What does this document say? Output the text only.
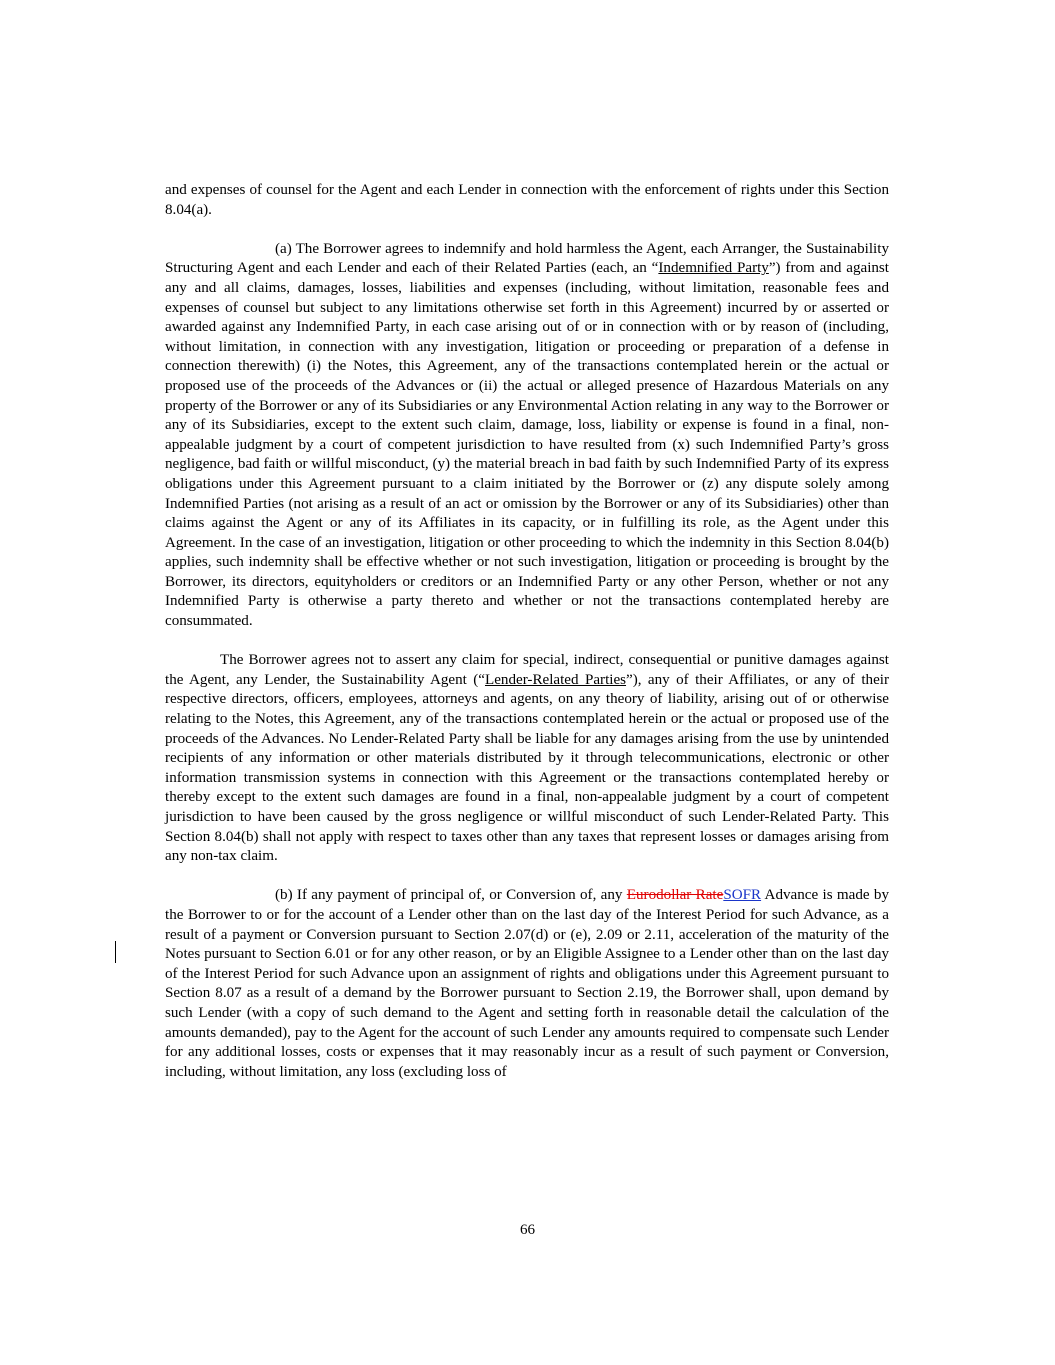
and expenses of counsel for the Agent and each Lender in connection with the enforcement of rights under this Section 8.04(a).

(a) The Borrower agrees to indemnify and hold harmless the Agent, each Arranger, the Sustainability Structuring Agent and each Lender and each of their Related Parties (each, an “Indemnified Party”) from and against any and all claims, damages, losses, liabilities and expenses (including, without limitation, reasonable fees and expenses of counsel but subject to any limitations otherwise set forth in this Agreement) incurred by or asserted or awarded against any Indemnified Party, in each case arising out of or in connection with or by reason of (including, without limitation, in connection with any investigation, litigation or proceeding or preparation of a defense in connection therewith) (i) the Notes, this Agreement, any of the transactions contemplated herein or the actual or proposed use of the proceeds of the Advances or (ii) the actual or alleged presence of Hazardous Materials on any property of the Borrower or any of its Subsidiaries or any Environmental Action relating in any way to the Borrower or any of its Subsidiaries, except to the extent such claim, damage, loss, liability or expense is found in a final, non-appealable judgment by a court of competent jurisdiction to have resulted from (x) such Indemnified Party’s gross negligence, bad faith or willful misconduct, (y) the material breach in bad faith by such Indemnified Party of its express obligations under this Agreement pursuant to a claim initiated by the Borrower or (z) any dispute solely among Indemnified Parties (not arising as a result of an act or omission by the Borrower or any of its Subsidiaries) other than claims against the Agent or any of its Affiliates in its capacity, or in fulfilling its role, as the Agent under this Agreement. In the case of an investigation, litigation or other proceeding to which the indemnity in this Section 8.04(b) applies, such indemnity shall be effective whether or not such investigation, litigation or proceeding is brought by the Borrower, its directors, equityholders or creditors or an Indemnified Party or any other Person, whether or not any Indemnified Party is otherwise a party thereto and whether or not the transactions contemplated hereby are consummated.

The Borrower agrees not to assert any claim for special, indirect, consequential or punitive damages against the Agent, any Lender, the Sustainability Agent (“Lender-Related Parties”), any of their Affiliates, or any of their respective directors, officers, employees, attorneys and agents, on any theory of liability, arising out of or otherwise relating to the Notes, this Agreement, any of the transactions contemplated herein or the actual or proposed use of the proceeds of the Advances. No Lender-Related Party shall be liable for any damages arising from the use by unintended recipients of any information or other materials distributed by it through telecommunications, electronic or other information transmission systems in connection with this Agreement or the transactions contemplated hereby or thereby except to the extent such damages are found in a final, non-appealable judgment by a court of competent jurisdiction to have been caused by the gross negligence or willful misconduct of such Lender-Related Party. This Section 8.04(b) shall not apply with respect to taxes other than any taxes that represent losses or damages arising from any non-tax claim.

(b) If any payment of principal of, or Conversion of, any Eurodollar RateSOFR Advance is made by the Borrower to or for the account of a Lender other than on the last day of the Interest Period for such Advance, as a result of a payment or Conversion pursuant to Section 2.07(d) or (e), 2.09 or 2.11, acceleration of the maturity of the Notes pursuant to Section 6.01 or for any other reason, or by an Eligible Assignee to a Lender other than on the last day of the Interest Period for such Advance upon an assignment of rights and obligations under this Agreement pursuant to Section 8.07 as a result of a demand by the Borrower pursuant to Section 2.19, the Borrower shall, upon demand by such Lender (with a copy of such demand to the Agent and setting forth in reasonable detail the calculation of the amounts demanded), pay to the Agent for the account of such Lender any amounts required to compensate such Lender for any additional losses, costs or expenses that it may reasonably incur as a result of such payment or Conversion, including, without limitation, any loss (excluding loss of

66
